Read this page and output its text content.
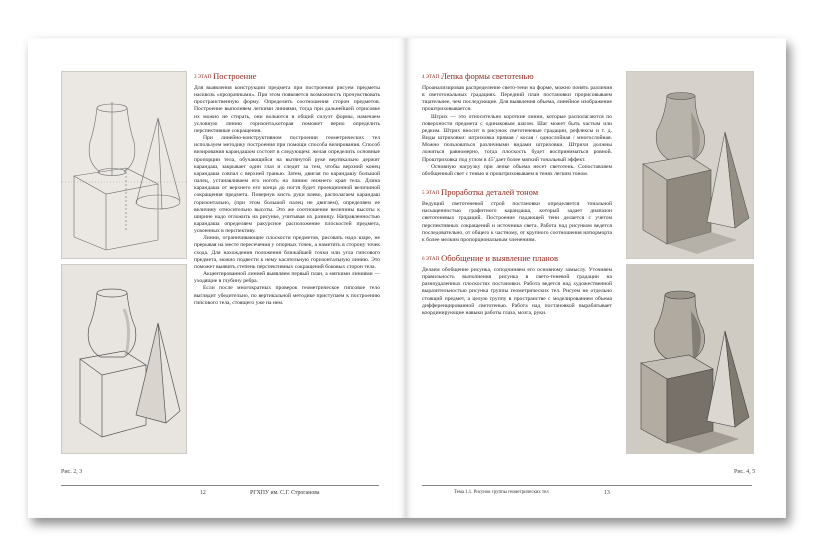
Рис. 2, 3
3 ЭТАП Построение

Для выявления конструкции предмета при построении рисуем предметы насквозь «прозрачными». При этом появляется возможность прочувствовать пространственную форму. Определить соотношения сторон предметов. Построение выполняем легкими линиями, тогда при дальнейшей отрисовке их можно не стирать, они вольются в общий силуэт формы, намечаем условную линию горизонта,которая поможет верно определить перспективные сокращения.

При линейно-конструктивном построении геометрических тел используем методику построения при помощи способа визирования. Способ визирования карандашом состоит в следующем: желая определить основные пропорции тела, обучающийся на вытянутой руке вертикально держит карандаш, закрывает один глаз и следит за тем, чтобы верхний конец карандаша совпал с верхней гранью. Затем, двигая по карандашу большой палец, устанавливаем его ноготь на линию нижнего края тела. Длина карандаша от верхнего его конца до ногтя будет проекционной величиной сокращения предмета. Повернув кисть руки влево, располагаем карандаш горизонтально, (при этом большой палец не двигаем), определяем ее величину относительно высоты. Это же соотношение величины высоты к ширине надо отложить на рисунке, учитывая их разницу. Направленностью карандаша определяем ракурсное расположение плоскостей предмета, усвоенных в перспективу.

Линии, ограничивающие плоскости предметов, рисовать надо шаре, не прерывая на месте пересечения у опорных точек, а наметить в сторону точек схода. Для нахождения положения ближайшей точки или угла гипсового предмета, можно подвести к нему касательную горизонтальную линию. Это поможет выявить степень перспективных сокращений боковых сторон тела.

Акцентированной линией выявляем первый план, а мягкими линиями — уходящие в глубину ребра.

Если после многократных проверок геометрическое гипсовое тело выглядит убедительно, по вертикальной методике приступаем к построению гипсового тела, стоящего уже на нем.

12	РГХПУ им. С.Г. Строганова
4 ЭТАП Лепка формы светотенью

Проанализировав распределение свето-тени на форме, можно понять различия в светотональных градациях. Передний план постановки прорисовываем тщательнее, чем последующие. Для выявления объема, линейное изображение проштриховывается.

Штрих — это относительно короткие линии, которые располагаются по поверхности предмета с одинаковым шагом. Шаг может быть частым или редким. Штрих вносит в рисунок светотеневые градации, рефлексы и т. д. Виды штриховки: штриховка прямая / косая / однослойная / многослойная. Можно пользоваться различными видами штриховки. Штрихи должны ложиться равномерно, тогда плоскость будет восприниматься ровной. Проштриховка под углом в 45˚дает более мягкий тональный эффект.

Основную нагрузку при лепке объема несет светотень. Сопоставляем обобщенный свет с тенью и проштриховываем в тенях легким тоном.

5 ЭТАП Проработка деталей тоном

Ведущий светотеневой строй постановки определяется тональной насыщенностью графитного карандаша, который задает диапазон светотеневых градаций. Построение падающей тени делается с учетом перспективных сокращений и источника света. Работа над рисунком ведется последовательно, от общего к частному, от крупного соотношения натюрморта к более мелким пропорциональным членениям.

6 ЭТАП Обобщение и выявление планов

Делаем обобщение рисунка, соподчиняем его основному замыслу. Уточняем правильность выполнения рисунка в свето-теневой градации на разноудаленных плоскостях постановки. Работа ведется над художественной выразительностью рисунка группы геометрических тел. Рисуем не отдельно стоящий предмет, а целую группу в пространстве с моделированием объема дифференцированной светотенью. Работа над постановкой вырабатывает координирующие навыки работы глаза, мозга, руки.

Рис. 4, 5
Тема 1.1. Рисунок группы геометрических тел	13
